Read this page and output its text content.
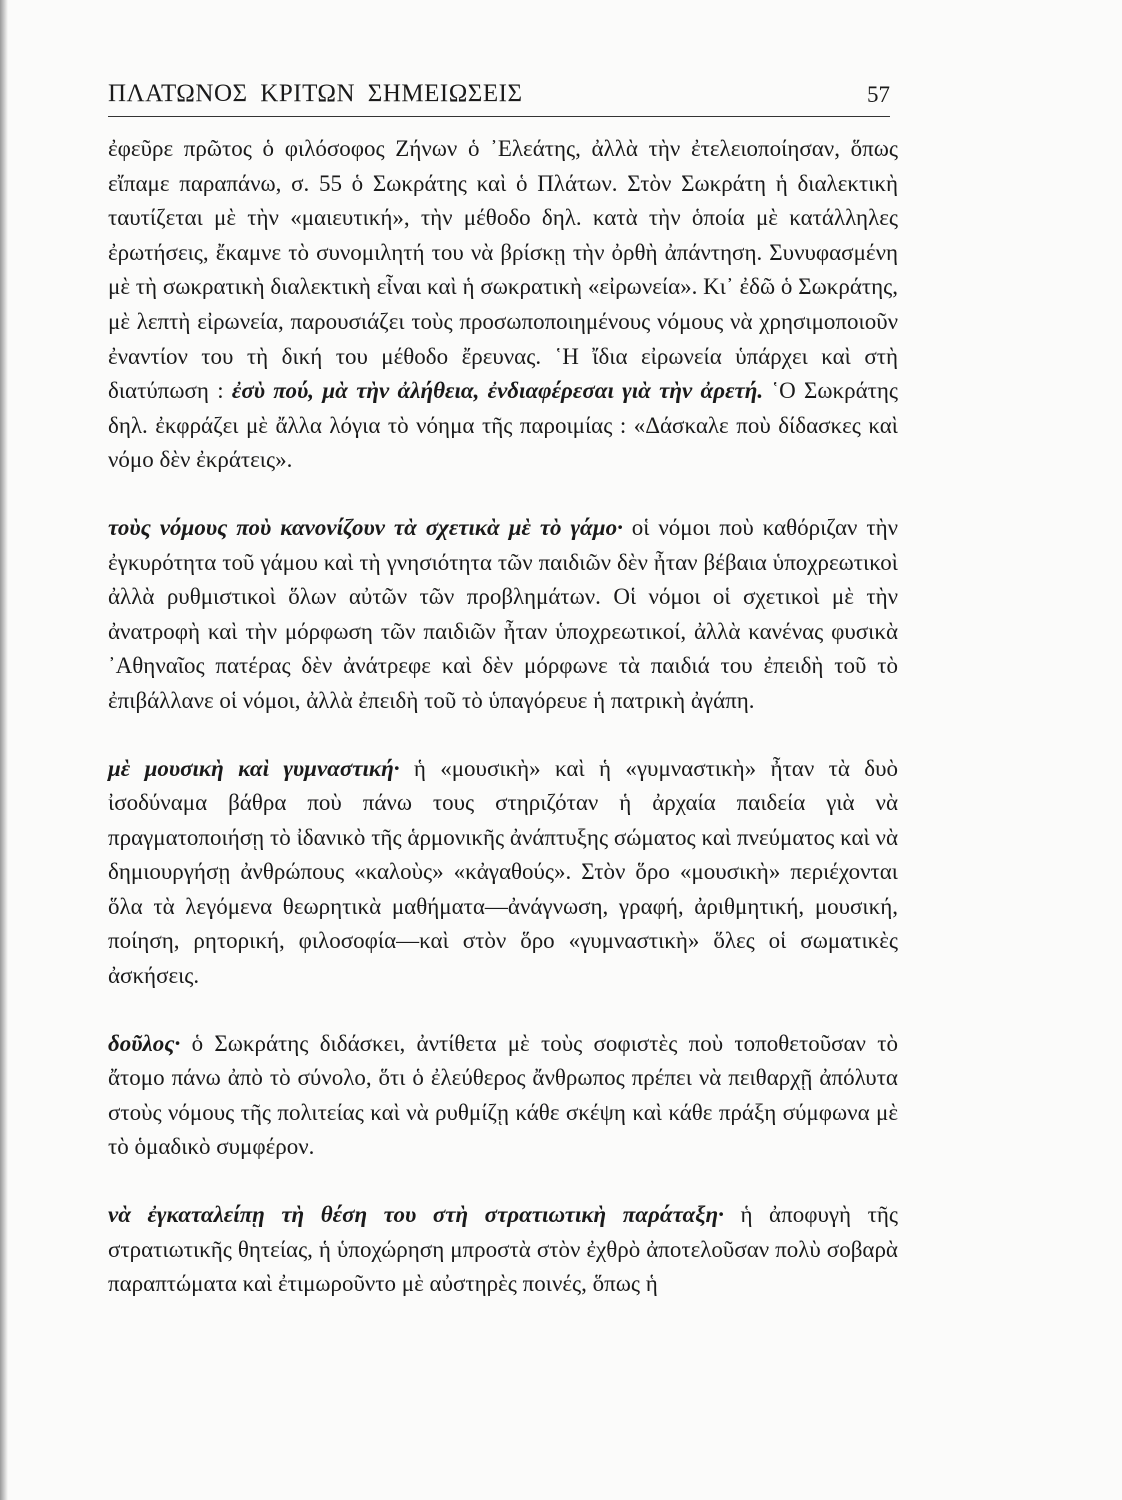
ΠΛΑΤΩΝΟΣ ΚΡΙΤΩΝ ΣΗΜΕΙΩΣΕΙΣ	57

ἐφεῦρε πρῶτος ὁ φιλόσοφος Ζήνων ὁ ᾿Ελεάτης, ἀλλὰ τὴν ἐτελειοποίησαν, ὅπως εἴπαμε παραπάνω, σ. 55 ὁ Σωκράτης καὶ ὁ Πλάτων. Στὸν Σωκράτη ἡ διαλεκτικὴ ταυτίζεται μὲ τὴν «μαιευτική», τὴν μέθοδο δηλ. κατὰ τὴν ὁποία μὲ κατάλληλες ἐρωτήσεις, ἔκαμνε τὸ συνομιλητή του νὰ βρίσκῃ τὴν ὀρθὴ ἀπάντηση. Συνυφασμένη μὲ τὴ σωκρατικὴ διαλεκτικὴ εἶναι καὶ ἡ σωκρατικὴ «εἰρωνεία». Κι᾿ ἐδῶ ὁ Σωκράτης, μὲ λεπτὴ εἰρωνεία, παρουσιάζει τοὺς προσωποποιημένους νόμους νὰ χρησιμοποιοῦν ἐναντίον του τὴ δική του μέθοδο ἔρευνας. ῾Η ἴδια εἰρωνεία ὑπάρχει καὶ στὴ διατύπωση : ἐσὺ πού, μὰ τὴν ἀλήθεια, ἐνδιαφέρεσαι γιὰ τὴν ἀρετή. ῾Ο Σωκράτης δηλ. ἐκφράζει μὲ ἄλλα λόγια τὸ νόημα τῆς παροιμίας : «Δάσκαλε ποὺ δίδασκες καὶ νόμο δὲν ἐκράτεις».

τοὺς νόμους ποὺ κανονίζουν τὰ σχετικὰ μὲ τὸ γάμο· οἱ νόμοι ποὺ καθόριζαν τὴν ἐγκυρότητα τοῦ γάμου καὶ τὴ γνησιότητα τῶν παιδιῶν δὲν ἦταν βέβαια ὑποχρεωτικοὶ ἀλλὰ ρυθμιστικοὶ ὅλων αὐτῶν τῶν προβλημάτων. Οἱ νόμοι οἱ σχετικοὶ μὲ τὴν ἀνατροφὴ καὶ τὴν μόρφωση τῶν παιδιῶν ἦταν ὑποχρεωτικοί, ἀλλὰ κανένας φυσικὰ ᾿Αθηναῖος πατέρας δὲν ἀνάτρεφε καὶ δὲν μόρφωνε τὰ παιδιά του ἐπειδὴ τοῦ τὸ ἐπιβάλλανε οἱ νόμοι, ἀλλὰ ἐπειδὴ τοῦ τὸ ὑπαγόρευε ἡ πατρικὴ ἀγάπη.

μὲ μουσικὴ καὶ γυμναστική· ἡ «μουσικὴ» καὶ ἡ «γυμναστικὴ» ἦταν τὰ δυὸ ἰσοδύναμα βάθρα ποὺ πάνω τους στηριζόταν ἡ ἀρχαία παιδεία γιὰ νὰ πραγματοποιήσῃ τὸ ἰδανικὸ τῆς ἁρμονικῆς ἀνάπτυξης σώματος καὶ πνεύματος καὶ νὰ δημιουργήσῃ ἀνθρώπους «καλοὺς» «κἀγαθούς». Στὸν ὅρο «μουσικὴ» περιέχονται ὅλα τὰ λεγόμενα θεωρητικὰ μαθήματα—ἀνάγνωση, γραφή, ἀριθμητική, μουσική, ποίηση, ρητορική, φιλοσοφία—καὶ στὸν ὅρο «γυμναστικὴ» ὅλες οἱ σωματικὲς ἀσκήσεις.

δοῦλος· ὁ Σωκράτης διδάσκει, ἀντίθετα μὲ τοὺς σοφιστὲς ποὺ τοποθετοῦσαν τὸ ἄτομο πάνω ἀπὸ τὸ σύνολο, ὅτι ὁ ἐλεύθερος ἄνθρωπος πρέπει νὰ πειθαρχῇ ἀπόλυτα στοὺς νόμους τῆς πολιτείας καὶ νὰ ρυθμίζῃ κάθε σκέψη καὶ κάθε πράξη σύμφωνα μὲ τὸ ὁμαδικὸ συμφέρον.

νὰ ἐγκαταλείπῃ τὴ θέση του στὴ στρατιωτικὴ παράταξη· ἡ ἀποφυγὴ τῆς στρατιωτικῆς θητείας, ἡ ὑποχώρηση μπροστὰ στὸν ἐχθρὸ ἀποτελοῦσαν πολὺ σοβαρὰ παραπτώματα καὶ ἐτιμωροῦντο μὲ αὐστηρὲς ποινές, ὅπως ἡ
